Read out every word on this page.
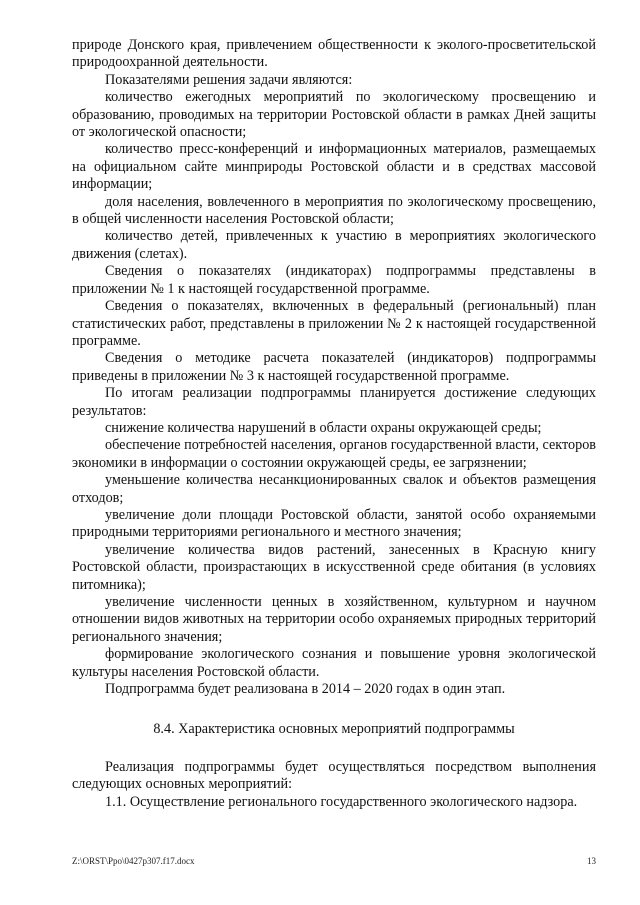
природе Донского края, привлечением общественности к эколого-просветительской природоохранной деятельности.

Показателями решения задачи являются:

количество ежегодных мероприятий по экологическому просвещению и образованию, проводимых на территории Ростовской области в рамках Дней защиты от экологической опасности;

количество пресс-конференций и информационных материалов, размещаемых на официальном сайте минприроды Ростовской области и в средствах массовой информации;

доля населения, вовлеченного в мероприятия по экологическому просвещению, в общей численности населения Ростовской области;

количество детей, привлеченных к участию в мероприятиях экологического движения (слетах).

Сведения о показателях (индикаторах) подпрограммы представлены в приложении № 1 к настоящей государственной программе.

Сведения о показателях, включенных в федеральный (региональный) план статистических работ, представлены в приложении № 2 к настоящей государственной программе.

Сведения о методике расчета показателей (индикаторов) подпрограммы приведены в приложении № 3 к настоящей государственной программе.

По итогам реализации подпрограммы планируется достижение следующих результатов:

снижение количества нарушений в области охраны окружающей среды;

обеспечение потребностей населения, органов государственной власти, секторов экономики в информации о состоянии окружающей среды, ее загрязнении;

уменьшение количества несанкционированных свалок и объектов размещения отходов;

увеличение доли площади Ростовской области, занятой особо охраняемыми природными территориями регионального и местного значения;

увеличение количества видов растений, занесенных в Красную книгу Ростовской области, произрастающих в искусственной среде обитания (в условиях питомника);

увеличение численности ценных в хозяйственном, культурном и научном отношении видов животных на территории особо охраняемых природных территорий регионального значения;

формирование экологического сознания и повышение уровня экологической культуры населения Ростовской области.

Подпрограмма будет реализована в 2014 – 2020 годах в один этап.

8.4. Характеристика основных мероприятий подпрограммы

Реализация подпрограммы будет осуществляться посредством выполнения следующих основных мероприятий:

1.1. Осуществление регионального государственного экологического надзора.

Z:\ORST\Ppo\0427p307.f17.docx	13
